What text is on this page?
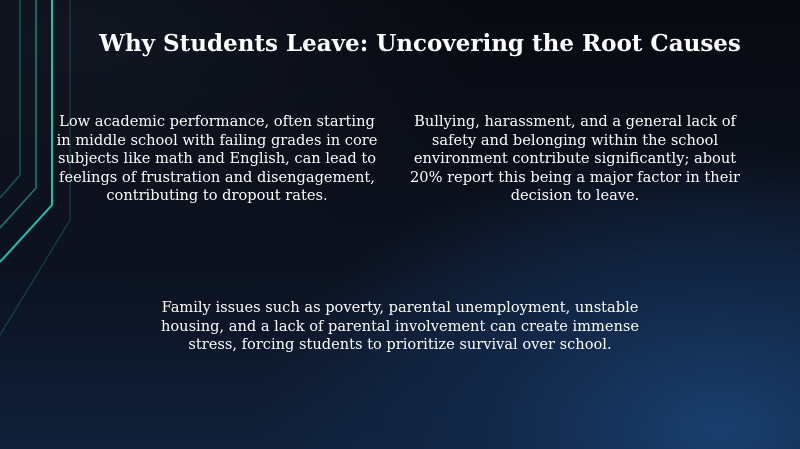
Why Students Leave: Uncovering the Root Causes

Low academic performance, often starting in middle school with failing grades in core subjects like math and English, can lead to feelings of frustration and disengagement, contributing to dropout rates.

Bullying, harassment, and a general lack of safety and belonging within the school environment contribute significantly; about 20% report this being a major factor in their decision to leave.

Family issues such as poverty, parental unemployment, unstable housing, and a lack of parental involvement can create immense stress, forcing students to prioritize survival over school.
